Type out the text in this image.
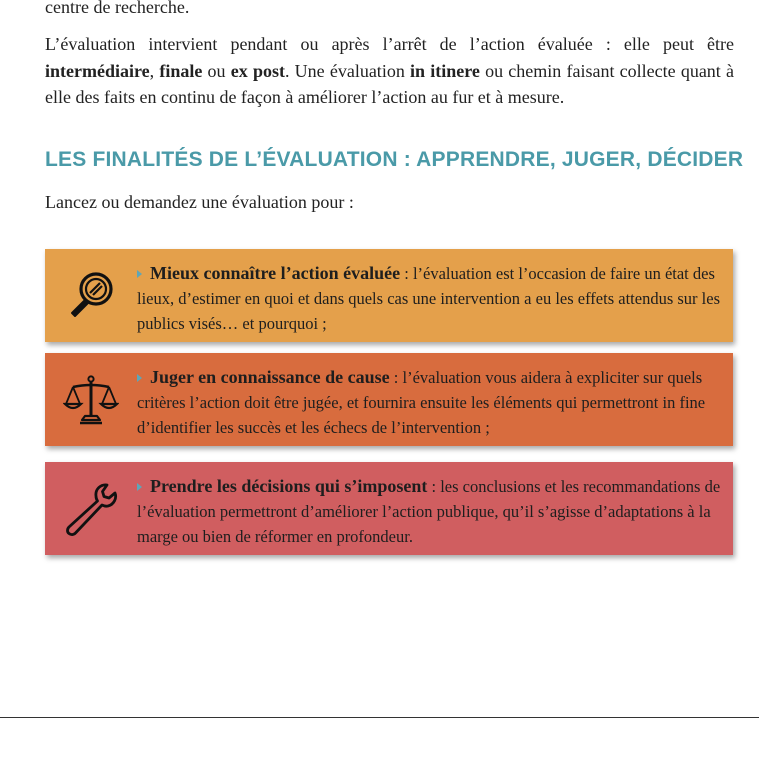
centre de recherche.

L’évaluation intervient pendant ou après l’arrêt de l’action évaluée : elle peut être intermédiaire, finale ou ex post. Une évaluation in itinere ou chemin faisant collecte quant à elle des faits en continu de façon à améliorer l’action au fur et à mesure.

LES FINALITÉS DE L’ÉVALUATION : APPRENDRE, JUGER, DÉCIDER

Lancez ou demandez une évaluation pour :

Mieux connaître l’action évaluée : l’évaluation est l’occasion de faire un état des lieux, d’estimer en quoi et dans quels cas une intervention a eu les effets attendus sur les publics visés… et pourquoi ;
Juger en connaissance de cause : l’évaluation vous aidera à expliciter sur quels critères l’action doit être jugée, et fournira ensuite les éléments qui permettront in fine d’identifier les succès et les échecs de l’intervention ;
Prendre les décisions qui s’imposent : les conclusions et les recommandations de l’évaluation permettront d’améliorer l’action publique, qu’il s’agisse d’adaptations à la marge ou bien de réformer en profondeur.
